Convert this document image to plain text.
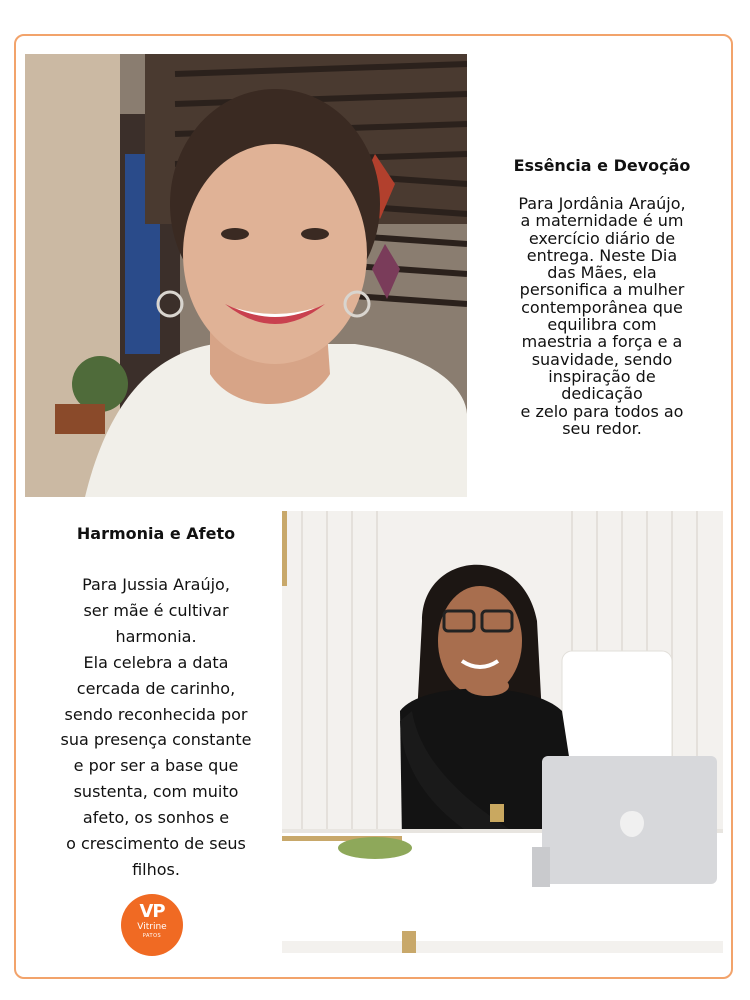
Essência e Devoção

Para Jordânia Araújo,
a maternidade é um
exercício diário de
entrega. Neste Dia
das Mães, ela
personifica a mulher
contemporânea que
equilibra com
maestria a força e a
suavidade, sendo
inspiração de
dedicação
e zelo para todos ao
seu redor.

Harmonia e Afeto

Para Jussia Araújo,
ser mãe é cultivar
harmonia.
Ela celebra a data
cercada de carinho,
sendo reconhecida por
sua presença constante
e por ser a base que
sustenta, com muito
afeto, os sonhos e
o crescimento de seus
filhos.

VP
Vitrine
PATOS
